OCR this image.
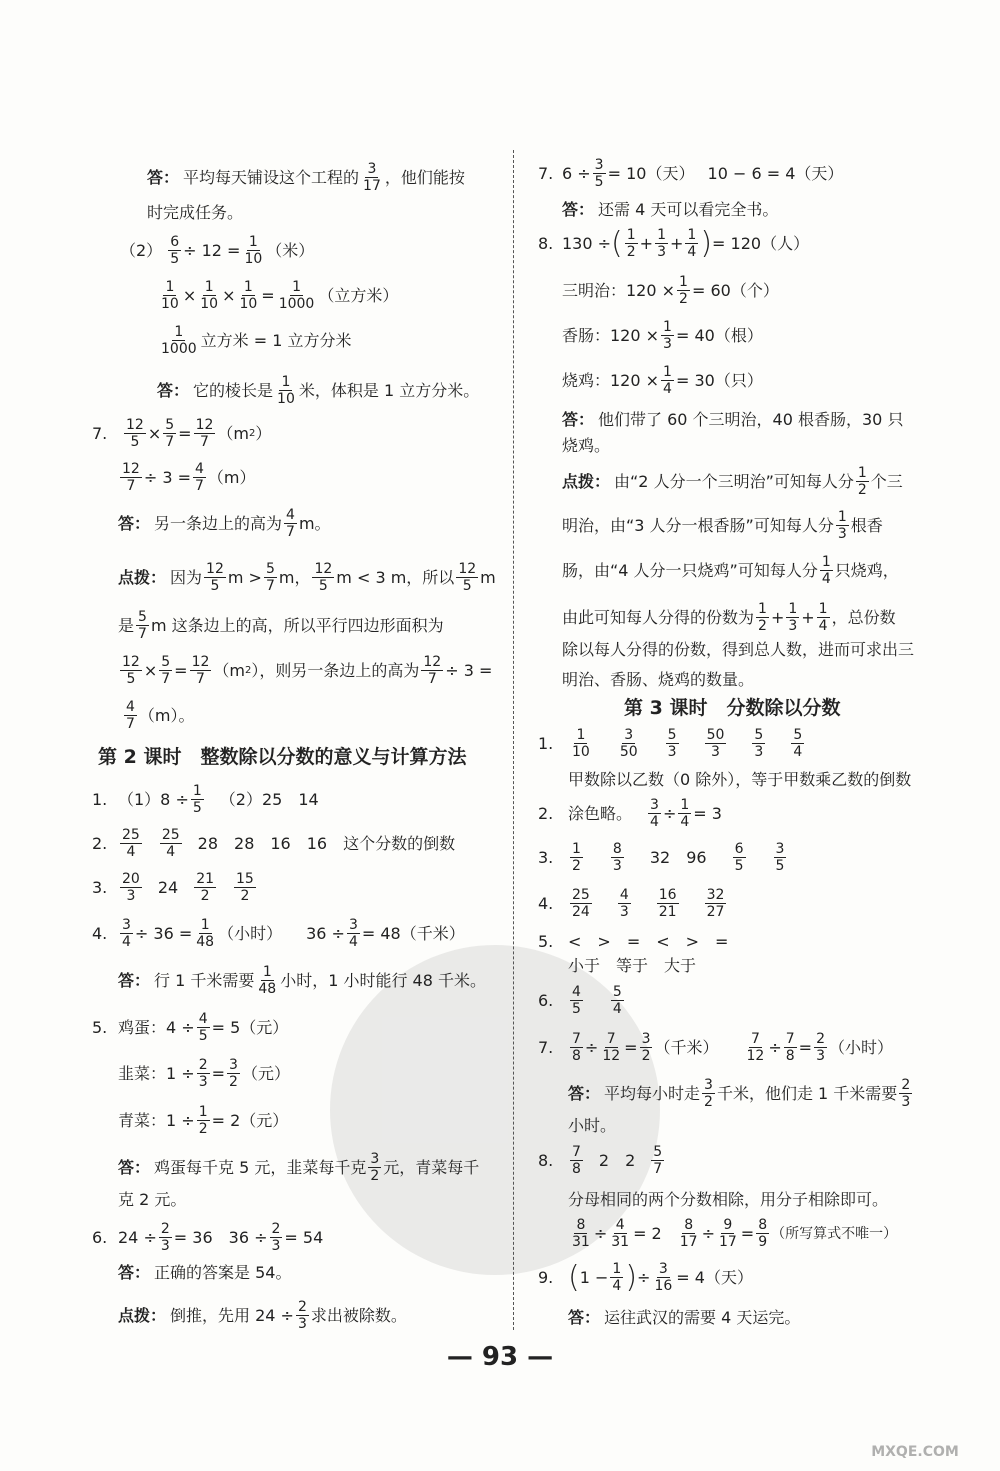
答： 平均每天铺设这个工程的 $\frac{3}{17}$ ，他们能按
时完成任务。
$(2) \frac{6}{5} \div 12 = \frac{1}{10}$ （米）
$\frac{1}{10} \times \frac{1}{10} \times \frac{1}{10} = \frac{1}{1000}$ （立方米）
$\frac{1}{1000}$ 立方米 = 1 立方分米
答： 它的棱长是 $\frac{1}{10}$ 米，体积是 1 立方分米。
7.	$\frac{12}{5} \times \frac{5}{7} = \frac{12}{7} (m$ 2 ）
$\frac{12}{7} \div 3 = \frac{4}{7} (m)$
答： 另一条边上的高为 $\frac{4}{7}$ m。
点拨： 因为 $\frac{12}{5}$ $m > \frac{5}{7}$ m， $\frac{12}{5}$ m < 3 m，所以 $\frac{12}{5}$ m
是 $\frac{5}{7}$ m 这条边上的高，所以平行四边形面积为
$\frac{12}{5} \times \frac{5}{7} = \frac{12}{7} (m$ 2 ），则另一条边上的高为 $\frac{12}{7} \div 3$ =
$\frac{4}{7} (m)$。
第 2 课时　整数除以分数的意义与计算方法
1. $(1)8 \div \frac{1}{5} (2)25$　14
2. $\frac{25}{4} \frac{25}{4} 28$　28　16　16　这个分数的倒数
3. $\frac{20}{3} 24 \frac{21}{2} \frac{15}{2}$
4. $\frac{3}{4} \div 36 = \frac{1}{48}$ （小时）　　$36 \div \frac{3}{4} = 48$（千米）
答： 行 1 千米需要 $\frac{1}{48}$ 小时，1 小时能行 48 千米。
5. 鸡蛋：$4 \div \frac{4}{5} = 5$（元）
韭菜：$1 \div \frac{2}{3} = \frac{3}{2}$ （元）
青菜：$1 \div \frac{1}{2} = 2$（元）
答： 鸡蛋每千克 5 元，韭菜每千克 $\frac{3}{2}$ 元，青菜每千
克 2 元。
6. $24 \div \frac{2}{3} = 36$　$36 \div \frac{2}{3} = 54$
答： 正确的答案是 54。
点拨： 倒推，先用 $24 \div \frac{2}{3}$ 求出被除数。
7. $6 \div \frac{3}{5} = 10$（天）　 10 − 6 = 4（天）
答： 还需 4 天可以看完全书。
8. 130 ÷ ( $\frac{1}{2} + \frac{1}{3} + \frac{1}{4}$ ) = 120（人）
三明治：$120 \times \frac{1}{2} = 60$（个）
香肠：$120 \times \frac{1}{3} = 40$（根）
烧鸡：$120 \times \frac{1}{4} = 30$（只）
答： 他们带了 60 个三明治，40 根香肠，30 只
烧鸡。
点拨： 由“2 人分一个三明治”可知每人分 $\frac{1}{2}$ 个三
明治，由“3 人分一根香肠”可知每人分 $\frac{1}{3}$ 根香
肠，由“4 人分一只烧鸡”可知每人分 $\frac{1}{4}$ 只烧鸡，
由此可知每人分得的份数为 $\frac{1}{2} + \frac{1}{3} + \frac{1}{4}$ ，总份数
除以每人分得的份数，得到总人数，进而可求出三
明治、香肠、烧鸡的数量。
第 3 课时　分数除以分数
1.	$\frac{1}{10} \frac{3}{50} \frac{5}{3} \frac{50}{3} \frac{5}{3} \frac{5}{4}$
甲数除以乙数（0 除外），等于甲数乘乙数的倒数
2. 涂色略。 $\frac{3}{4} \div \frac{1}{4} = 3$
3.	$\frac{1}{2} \frac{8}{3} 32$　$96 \frac{6}{5} \frac{3}{5}$
4.	$\frac{25}{24} \frac{4}{3} \frac{16}{21} \frac{32}{27}$
5. <　>　=　<　>　=
小于　等于　大于
6.	$\frac{4}{5} \frac{5}{4}$
7.	$\frac{7}{8} \div \frac{7}{12} = \frac{3}{2}$ （千米） $\frac{7}{12} \div \frac{7}{8} = \frac{2}{3}$ （小时）
答： 平均每小时走 $\frac{3}{2}$ 千米，他们走 1 千米需要 $\frac{2}{3}$
小时。
8.	$\frac{7}{8} 2$　$2 \frac{5}{7}$
分母相同的两个分数相除，用分子相除即可。
$\frac{8}{31} \div \frac{4}{31} = 2 \frac{8}{17} \div \frac{9}{17} = \frac{8}{9}$ （所写算式不唯一）
9. ( $1 - \frac{1}{4}$ ) ÷ $\frac{3}{16} = 4$（天）
答： 运往武汉的需要 4 天运完。
— 93 —
MXQE.COM
